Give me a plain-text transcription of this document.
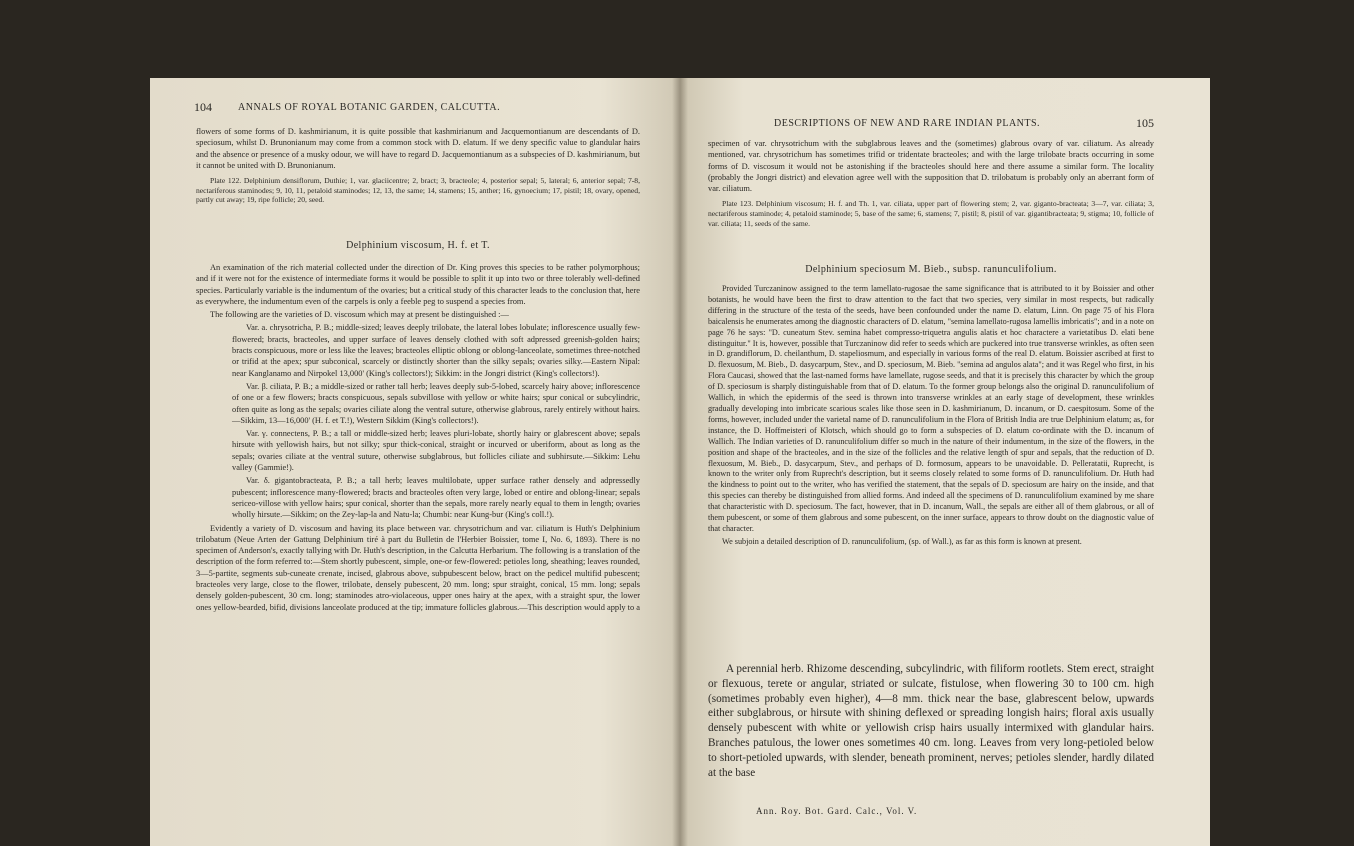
104	ANNALS OF ROYAL BOTANIC GARDEN, CALCUTTA.

flowers of some forms of D. kashmirianum, it is quite possible that kashmirianum and Jacquemontianum are descendants of D. speciosum, whilst D. Brunonianum may come from a common stock with D. elatum. If we deny specific value to glandular hairs and the absence or presence of a musky odour, we will have to regard D. Jacquemontianum as a subspecies of D. kashmirianum, but it cannot be united with D. Brunonianum.

Plate 122. Delphinium densiflorum, Duthie; 1, var. glaciicentre; 2, bract; 3, bracteole; 4, posterior sepal; 5, lateral; 6, anterior sepal; 7-8, nectariferous staminodes; 9, 10, 11, petaloid staminodes; 12, 13, the same; 14, stamens; 15, anther; 16, gynoecium; 17, pistil; 18, ovary, opened, partly cut away; 19, ripe follicle; 20, seed.

Delphinium viscosum, H. f. et T.

An examination of the rich material collected under the direction of Dr. King proves this species to be rather polymorphous; and if it were not for the existence of intermediate forms it would be possible to split it up into two or three tolerably well-defined species. Particularly variable is the indumentum of the ovaries; but a critical study of this character leads to the conclusion that, here as everywhere, the indumentum even of the carpels is only a feeble peg to suspend a species from.

The following are the varieties of D. viscosum which may at present be distinguished :—

Var. a. chrysotricha, P. B.; middle-sized; leaves deeply trilobate, the lateral lobes lobulate; inflorescence usually few-flowered; bracts, bracteoles, and upper surface of leaves densely clothed with soft adpressed greenish-golden hairs; bracts conspicuous, more or less like the leaves; bracteoles elliptic oblong or oblong-lanceolate, sometimes three-notched or trifid at the apex; spur subconical, scarcely or distinctly shorter than the silky sepals; ovaries silky.—Eastern Nipal: near Kanglanamo and Nirpokel 13,000' (King's collectors!); Sikkim: in the Jongri district (King's collectors!).

Var. β. ciliata, P. B.; a middle-sized or rather tall herb; leaves deeply sub-5-lobed, scarcely hairy above; inflorescence of one or a few flowers; bracts conspicuous, sepals subvillose with yellow or white hairs; spur conical or subcylindric, often quite as long as the sepals; ovaries ciliate along the ventral suture, otherwise glabrous, rarely entirely without hairs.—Sikkim, 13—16,000' (H. f. et T.!), Western Sikkim (King's collectors!).

Var. γ. connectens, P. B.; a tall or middle-sized herb; leaves pluri-lobate, shortly hairy or glabrescent above; sepals hirsute with yellowish hairs, but not silky; spur thick-conical, straight or incurved or uberiform, about as long as the sepals; ovaries ciliate at the ventral suture, otherwise subglabrous, but follicles ciliate and subhirsute.—Sikkim: Lehu valley (Gammie!).

Var. δ. gigantobracteata, P. B.; a tall herb; leaves multilobate, upper surface rather densely and adpressedly pubescent; inflorescence many-flowered; bracts and bracteoles often very large, lobed or entire and oblong-linear; sepals sericeo-villose with yellow hairs; spur conical, shorter than the sepals, more rarely nearly equal to them in length; ovaries wholly hirsute.—Sikkim; on the Zey-lap-la and Natu-la; Chumbi: near Kung-bur (King's coll.!).

Evidently a variety of D. viscosum and having its place between var. chrysotrichum and var. ciliatum is Huth's Delphinium trilobatum (Neue Arten der Gattung Delphinium tiré à part du Bulletin de l'Herbier Boissier, tome I, No. 6, 1893). There is no specimen of Anderson's, exactly tallying with Dr. Huth's description, in the Calcutta Herbarium. The following is a translation of the description of the form referred to:—Stem shortly pubescent, simple, one-or few-flowered: petioles long, sheathing; leaves rounded, 3—5-partite, segments sub-cuneate crenate, incised, glabrous above, subpubescent below, bract on the pedicel multifid pubescent; bracteoles very large, close to the flower, trilobate, densely pubescent, 20 mm. long; spur straight, conical, 15 mm. long; sepals densely golden-pubescent, 30 cm. long; staminodes atro-violaceous, upper ones hairy at the apex, with a straight spur, the lower ones yellow-bearded, bifid, divisions lanceolate produced at the tip; immature follicles glabrous.—This description would apply to a

DESCRIPTIONS OF NEW AND RARE INDIAN PLANTS.	105

specimen of var. chrysotrichum with the subglabrous leaves and the (sometimes) glabrous ovary of var. ciliatum. As already mentioned, var. chrysotrichum has sometimes trifid or tridentate bracteoles; and with the large trilobate bracts occurring in some forms of D. viscosum it would not be astonishing if the bracteoles should here and there assume a similar form. The locality (probably the Jongri district) and elevation agree well with the supposition that D. trilobatum is probably only an aberrant form of var. ciliatum.

Plate 123. Delphinium viscosum; H. f. and Th. 1, var. ciliata, upper part of flowering stem; 2, var. giganto-bracteata; 3—7, var. ciliata; 3, nectariferous staminode; 4, petaloid staminode; 5, base of the same; 6, stamens; 7, pistil; 8, pistil of var. gigantibracteata; 9, stigma; 10, follicle of var. ciliata; 11, seeds of the same.

Delphinium speciosum M. Bieb., subsp. ranunculifolium.

Provided Turczaninow assigned to the term lamellato-rugosae the same significance that is attributed to it by Boissier and other botanists, he would have been the first to draw attention to the fact that two species, very similar in most respects, but radically differing in the structure of the testa of the seeds, have been confounded under the name D. elatum, Linn. On page 75 of his Flora baicalensis he enumerates among the diagnostic characters of D. elatum, "semina lamellato-rugosa lamellis imbricatis"; and in a note on page 76 he says: "D. cuneatum Stev. semina habet compresso-triquetra angulis alatis et hoc charactere a varietatibus D. elati bene distinguitur." It is, however, possible that Turczaninow did refer to seeds which are puckered into true transverse wrinkles, as often seen in D. grandiflorum, D. cheilanthum, D. stapeliosmum, and especially in various forms of the real D. elatum. Boissier ascribed at first to D. flexuosum, M. Bieb., D. dasycarpum, Stev., and D. speciosum, M. Bieb. "semina ad angulos alata"; and it was Regel who first, in his Flora Caucasi, showed that the last-named forms have lamellate, rugose seeds, and that it is precisely this character by which the group of D. speciosum is sharply distinguishable from that of D. elatum. To the former group belongs also the original D. ranunculifolium of Wallich, in which the epidermis of the seed is thrown into transverse wrinkles at an early stage of development, these wrinkles gradually developing into imbricate scarious scales like those seen in D. kashmirianum, D. incanum, or D. caespitosum. Some of the forms, however, included under the varietal name of D. ranunculifolium in the Flora of British India are true Delphinium elatum; as, for instance, the D. Hoffmeisteri of Klotsch, which should go to form a subspecies of D. elatum co-ordinate with the D. incanum of Wallich. The Indian varieties of D. ranunculifolium differ so much in the nature of their indumentum, in the size of the flowers, in the position and shape of the bracteoles, and in the size of the follicles and the relative length of spur and sepals, that the reduction of D. flexuosum, M. Bieb., D. dasycarpum, Stev., and perhaps of D. formosum, appears to be unavoidable. D. Pelleratatii, Ruprecht, is known to the writer only from Ruprecht's description, but it seems closely related to some forms of D. ranunculifolium. Dr. Huth had the kindness to point out to the writer, who has verified the statement, that the sepals of D. speciosum are hairy on the inside, and that this species can thereby be distinguished from allied forms. And indeed all the specimens of D. ranunculifolium examined by me share that characteristic with D. speciosum. The fact, however, that in D. incanum, Wall., the sepals are either all of them glabrous, or all of them pubescent, or some of them glabrous and some pubescent, on the inner surface, appears to throw doubt on the diagnostic value of that character.

We subjoin a detailed description of D. ranunculifolium, (sp. of Wall.), as far as this form is known at present.

A perennial herb. Rhizome descending, subcylindric, with filiform rootlets. Stem erect, straight or flexuous, terete or angular, striated or sulcate, fistulose, when flowering 30 to 100 cm. high (sometimes probably even higher), 4—8 mm. thick near the base, glabrescent below, upwards either subglabrous, or hirsute with shining deflexed or spreading longish hairs; floral axis usually densely pubescent with white or yellowish crisp hairs usually intermixed with glandular hairs. Branches patulous, the lower ones sometimes 40 cm. long. Leaves from very long-petioled below to short-petioled upwards, with slender, beneath prominent, nerves; petioles slender, hardly dilated at the base

Ann. Roy. Bot. Gard. Calc., Vol. V.
